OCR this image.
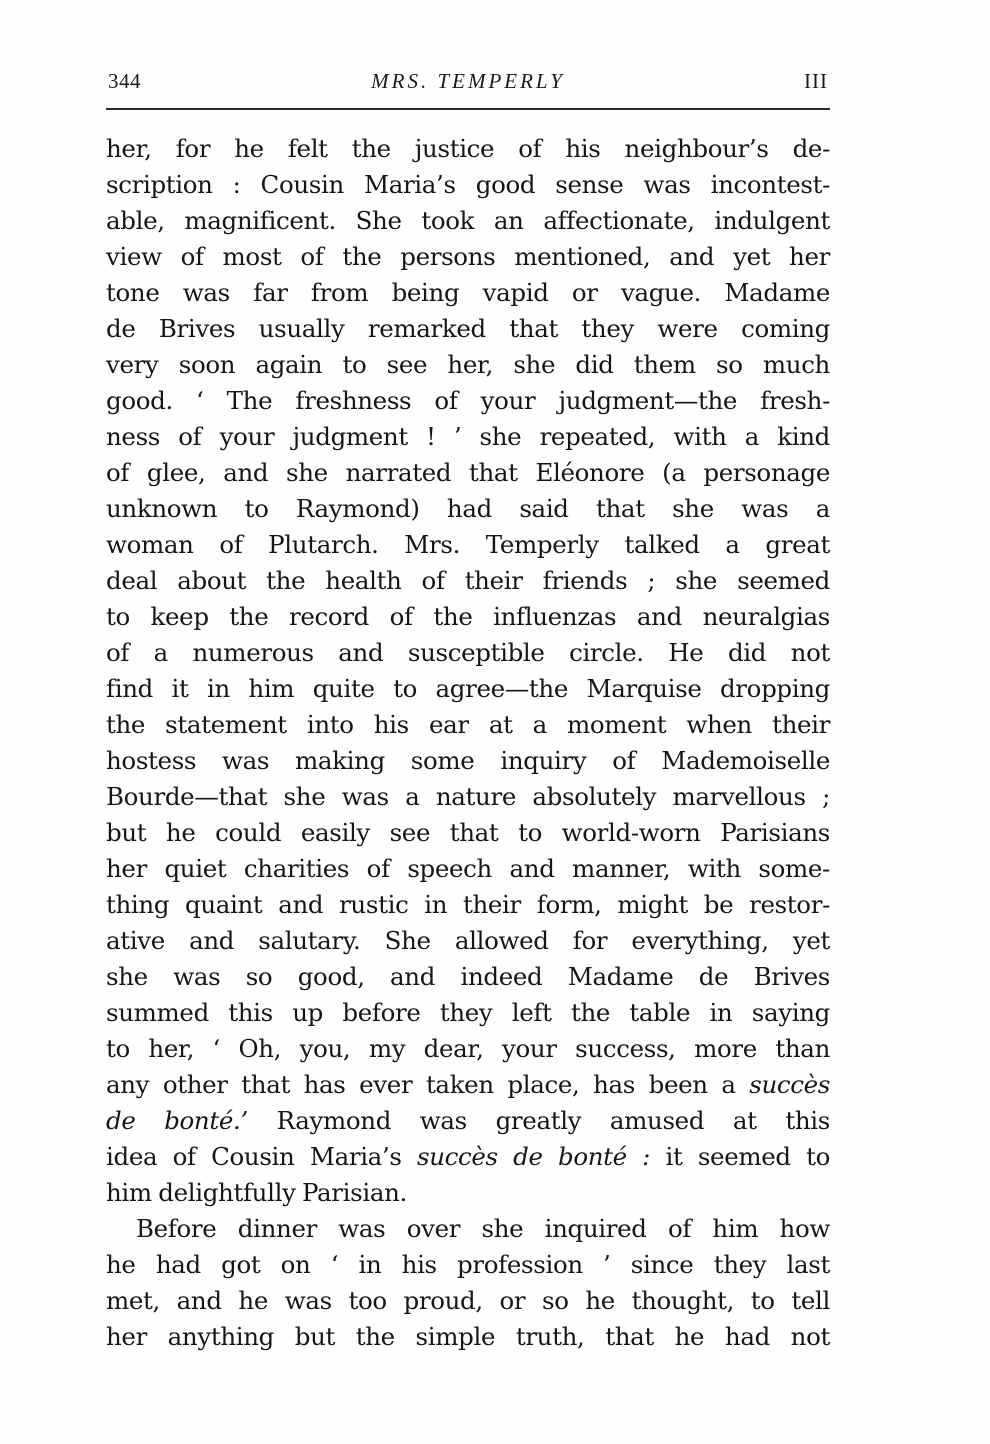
344	MRS. TEMPERLY	III
her, for he felt the justice of his neighbour’s de-
scription : Cousin Maria’s good sense was incontest-
able, magnificent. She took an affectionate, indulgent
view of most of the persons mentioned, and yet her
tone was far from being vapid or vague. Madame
de Brives usually remarked that they were coming
very soon again to see her, she did them so much
good. ‘ The freshness of your judgment—the fresh-
ness of your judgment ! ’ she repeated, with a kind
of glee, and she narrated that Eléonore (a personage
unknown to Raymond) had said that she was a
woman of Plutarch. Mrs. Temperly talked a great
deal about the health of their friends ; she seemed
to keep the record of the influenzas and neuralgias
of a numerous and susceptible circle. He did not
find it in him quite to agree—the Marquise dropping
the statement into his ear at a moment when their
hostess was making some inquiry of Mademoiselle
Bourde—that she was a nature absolutely marvellous ;
but he could easily see that to world-worn Parisians
her quiet charities of speech and manner, with some-
thing quaint and rustic in their form, might be restor-
ative and salutary. She allowed for everything, yet
she was so good, and indeed Madame de Brives
summed this up before they left the table in saying
to her, ‘ Oh, you, my dear, your success, more than
any other that has ever taken place, has been a succès
de bonté.’ Raymond was greatly amused at this
idea of Cousin Maria’s succès de bonté : it seemed to
him delightfully Parisian.
Before dinner was over she inquired of him how
he had got on ‘ in his profession ’ since they last
met, and he was too proud, or so he thought, to tell
her anything but the simple truth, that he had not
